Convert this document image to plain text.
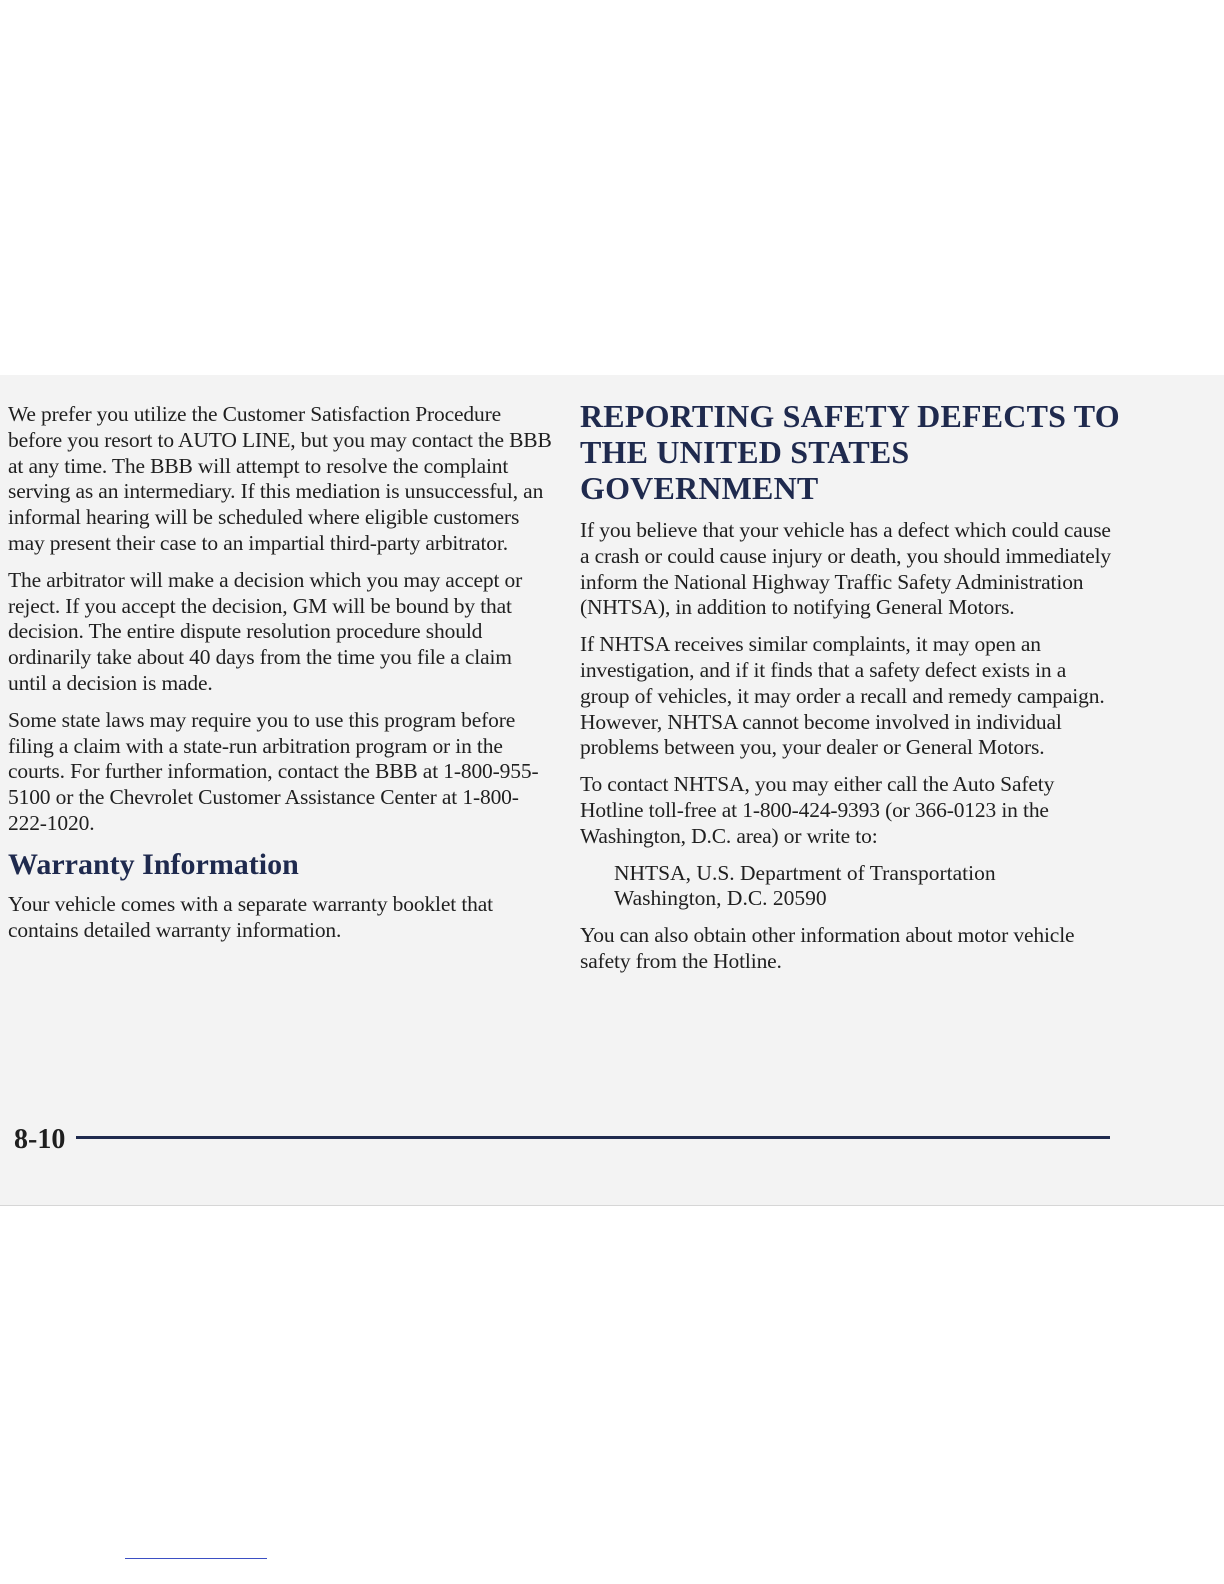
We prefer you utilize the Customer Satisfaction Procedure before you resort to AUTO LINE, but you may contact the BBB at any time. The BBB will attempt to resolve the complaint serving as an intermediary. If this mediation is unsuccessful, an informal hearing will be scheduled where eligible customers may present their case to an impartial third-party arbitrator.

The arbitrator will make a decision which you may accept or reject. If you accept the decision, GM will be bound by that decision. The entire dispute resolution procedure should ordinarily take about 40 days from the time you file a claim until a decision is made.

Some state laws may require you to use this program before filing a claim with a state-run arbitration program or in the courts. For further information, contact the BBB at 1-800-955-5100 or the Chevrolet Customer Assistance Center at 1-800-222-1020.

Warranty Information

Your vehicle comes with a separate warranty booklet that contains detailed warranty information.

REPORTING SAFETY DEFECTS TO THE UNITED STATES GOVERNMENT

If you believe that your vehicle has a defect which could cause a crash or could cause injury or death, you should immediately inform the National Highway Traffic Safety Administration (NHTSA), in addition to notifying General Motors.

If NHTSA receives similar complaints, it may open an investigation, and if it finds that a safety defect exists in a group of vehicles, it may order a recall and remedy campaign. However, NHTSA cannot become involved in individual problems between you, your dealer or General Motors.

To contact NHTSA, you may either call the Auto Safety Hotline toll-free at 1-800-424-9393 (or 366-0123 in the Washington, D.C. area) or write to:

NHTSA, U.S. Department of Transportation
Washington, D.C. 20590

You can also obtain other information about motor vehicle safety from the Hotline.

8-10
